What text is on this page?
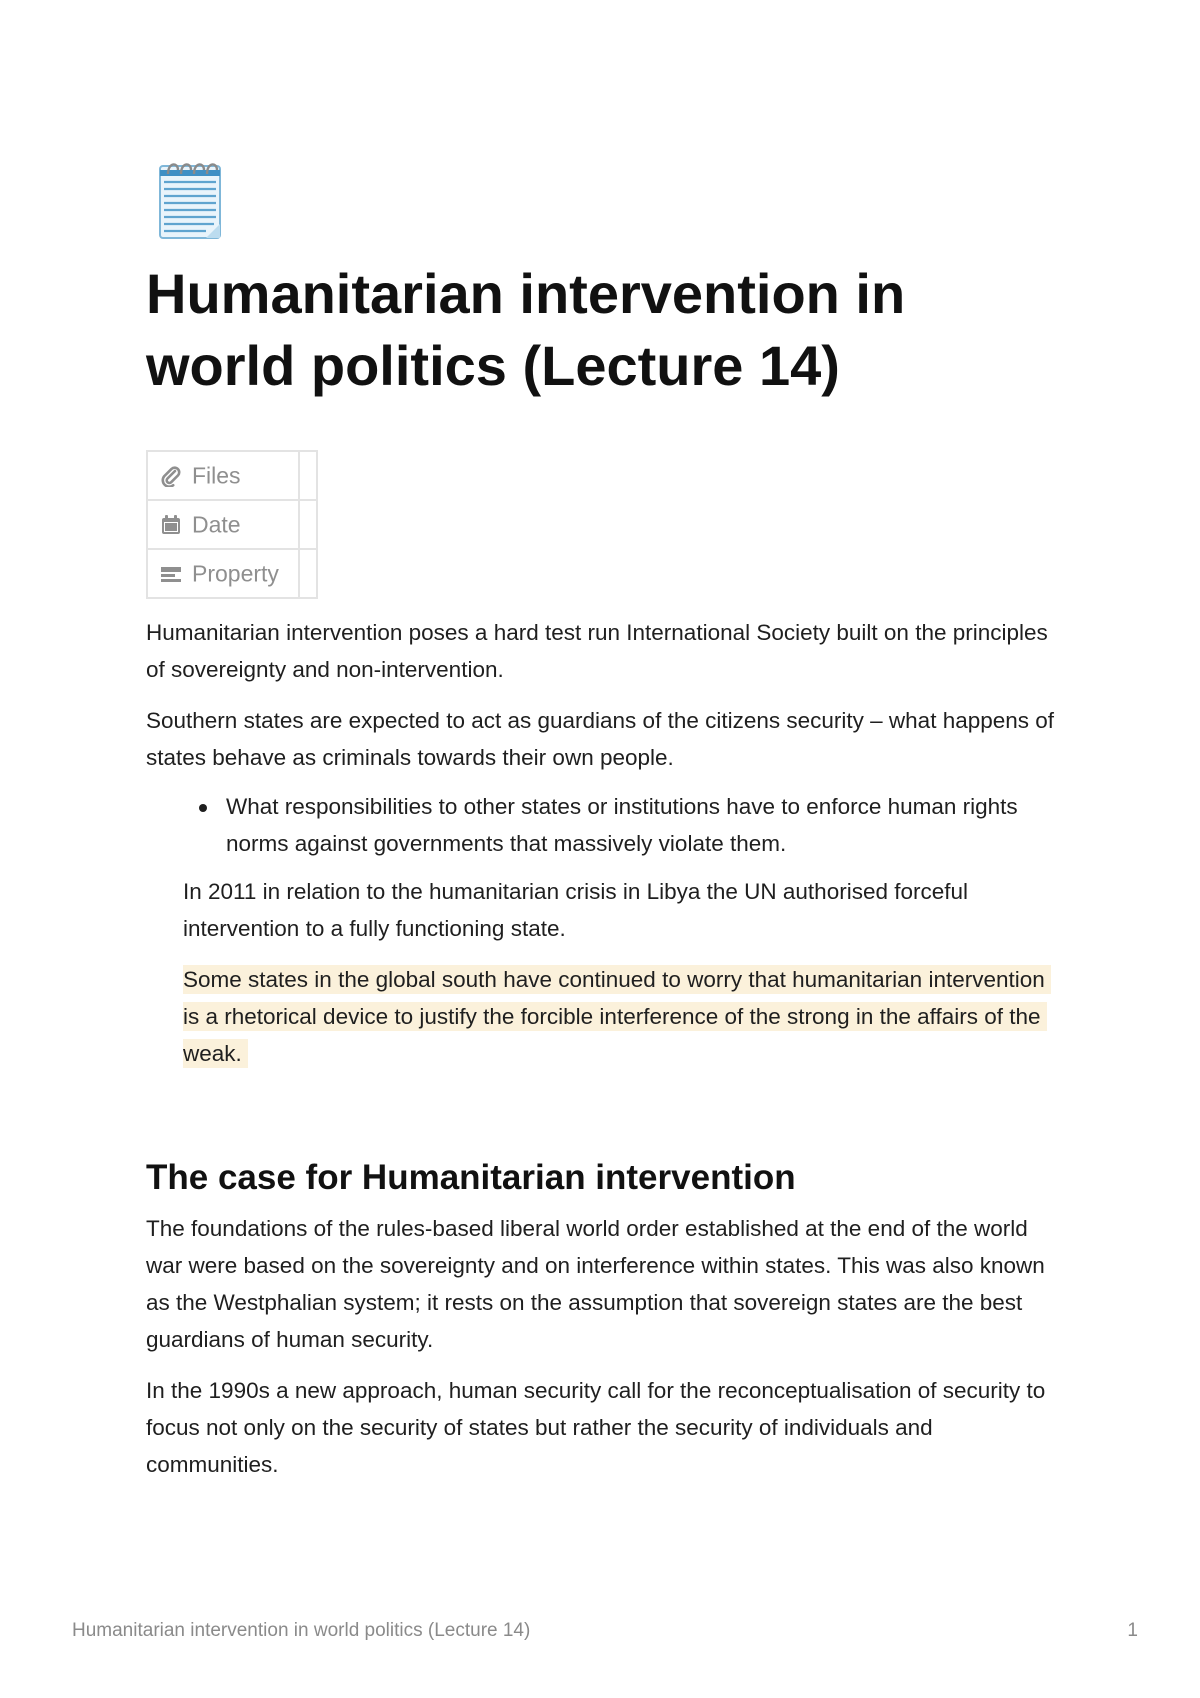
Humanitarian intervention in world politics (Lecture 14)
Files	
Date	
Property	

Humanitarian intervention poses a hard test run International Society built on the principles of sovereignty and non-intervention.

Southern states are expected to act as guardians of the citizens security – what happens of states behave as criminals towards their own people.

What responsibilities to other states or institutions have to enforce human rights norms against governments that massively violate them.

In 2011 in relation to the humanitarian crisis in Libya the UN authorised forceful intervention to a fully functioning state.

Some states in the global south have continued to worry that humanitarian intervention is a rhetorical device to justify the forcible interference of the strong in the affairs of the weak.

The case for Humanitarian intervention

The foundations of the rules-based liberal world order established at the end of the world war were based on the sovereignty and on interference within states. This was also known as the Westphalian system; it rests on the assumption that sovereign states are the best guardians of human security.

In the 1990s a new approach, human security call for the reconceptualisation of security to focus not only on the security of states but rather the security of individuals and communities.

Humanitarian intervention in world politics (Lecture 14)	1
